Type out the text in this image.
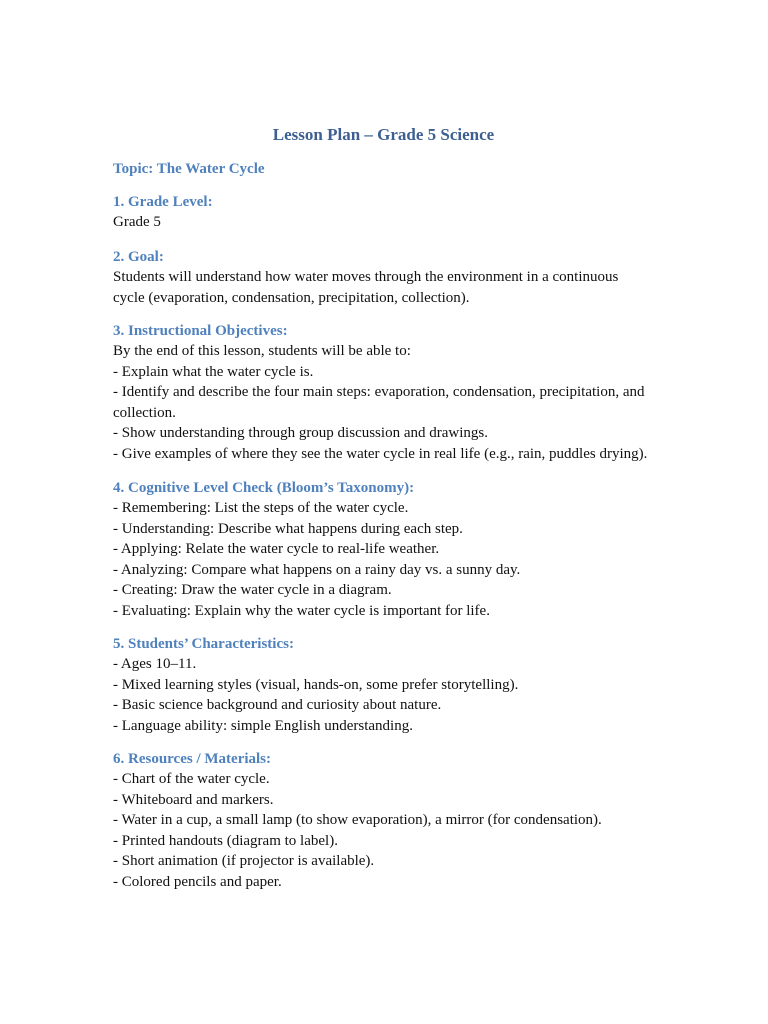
Lesson Plan – Grade 5 Science

Topic: The Water Cycle

1. Grade Level:

Grade 5

2. Goal:

Students will understand how water moves through the environment in a continuous
cycle (evaporation, condensation, precipitation, collection).

3. Instructional Objectives:

By the end of this lesson, students will be able to:
- Explain what the water cycle is.
- Identify and describe the four main steps: evaporation, condensation, precipitation, and
collection.
- Show understanding through group discussion and drawings.
- Give examples of where they see the water cycle in real life (e.g., rain, puddles drying).

4. Cognitive Level Check (Bloom’s Taxonomy):

- Remembering: List the steps of the water cycle.
- Understanding: Describe what happens during each step.
- Applying: Relate the water cycle to real-life weather.
- Analyzing: Compare what happens on a rainy day vs. a sunny day.
- Creating: Draw the water cycle in a diagram.
- Evaluating: Explain why the water cycle is important for life.

5. Students’ Characteristics:

- Ages 10–11.
- Mixed learning styles (visual, hands-on, some prefer storytelling).
- Basic science background and curiosity about nature.
- Language ability: simple English understanding.

6. Resources / Materials:

- Chart of the water cycle.
- Whiteboard and markers.
- Water in a cup, a small lamp (to show evaporation), a mirror (for condensation).
- Printed handouts (diagram to label).
- Short animation (if projector is available).
- Colored pencils and paper.
